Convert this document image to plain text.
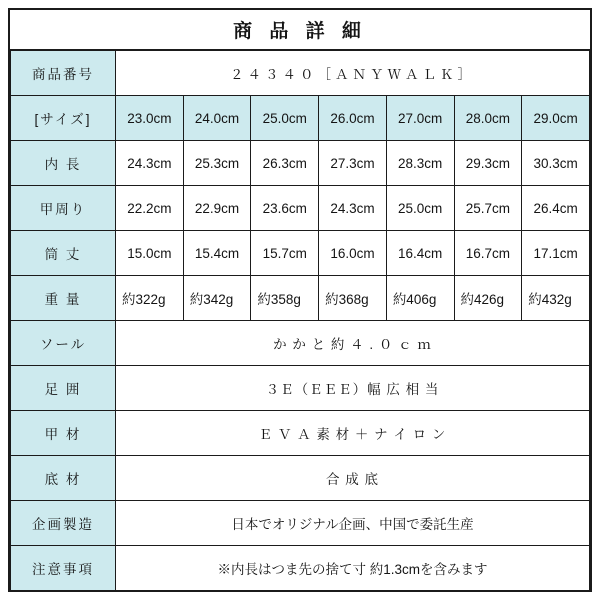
商 品 詳 細
商品番号	２４３４０［ＡＮＹＷＡＬＫ］						
[サイズ]	23.0cm	24.0cm	25.0cm	26.0cm	27.0cm	28.0cm	29.0cm
内 長	24.3cm	25.3cm	26.3cm	27.3cm	28.3cm	29.3cm	30.3cm
甲周り	22.2cm	22.9cm	23.6cm	24.3cm	25.0cm	25.7cm	26.4cm
筒 丈	15.0cm	15.4cm	15.7cm	16.0cm	16.4cm	16.7cm	17.1cm
重 量	約322g	約342g	約358g	約368g	約406g	約426g	約432g
ソール	か か と 約 ４ . ０ ｃ ｍ						
足 囲	３Ｅ（ＥＥＥ）幅 広 相 当						
甲 材	Ｅ Ｖ Ａ 素 材 ＋ ナ イ ロ ン						
底 材	合 成 底						
企画製造	日本でオリジナル企画、中国で委託生産						
注意事項	※内長はつま先の捨て寸 約1.3cmを含みます						
